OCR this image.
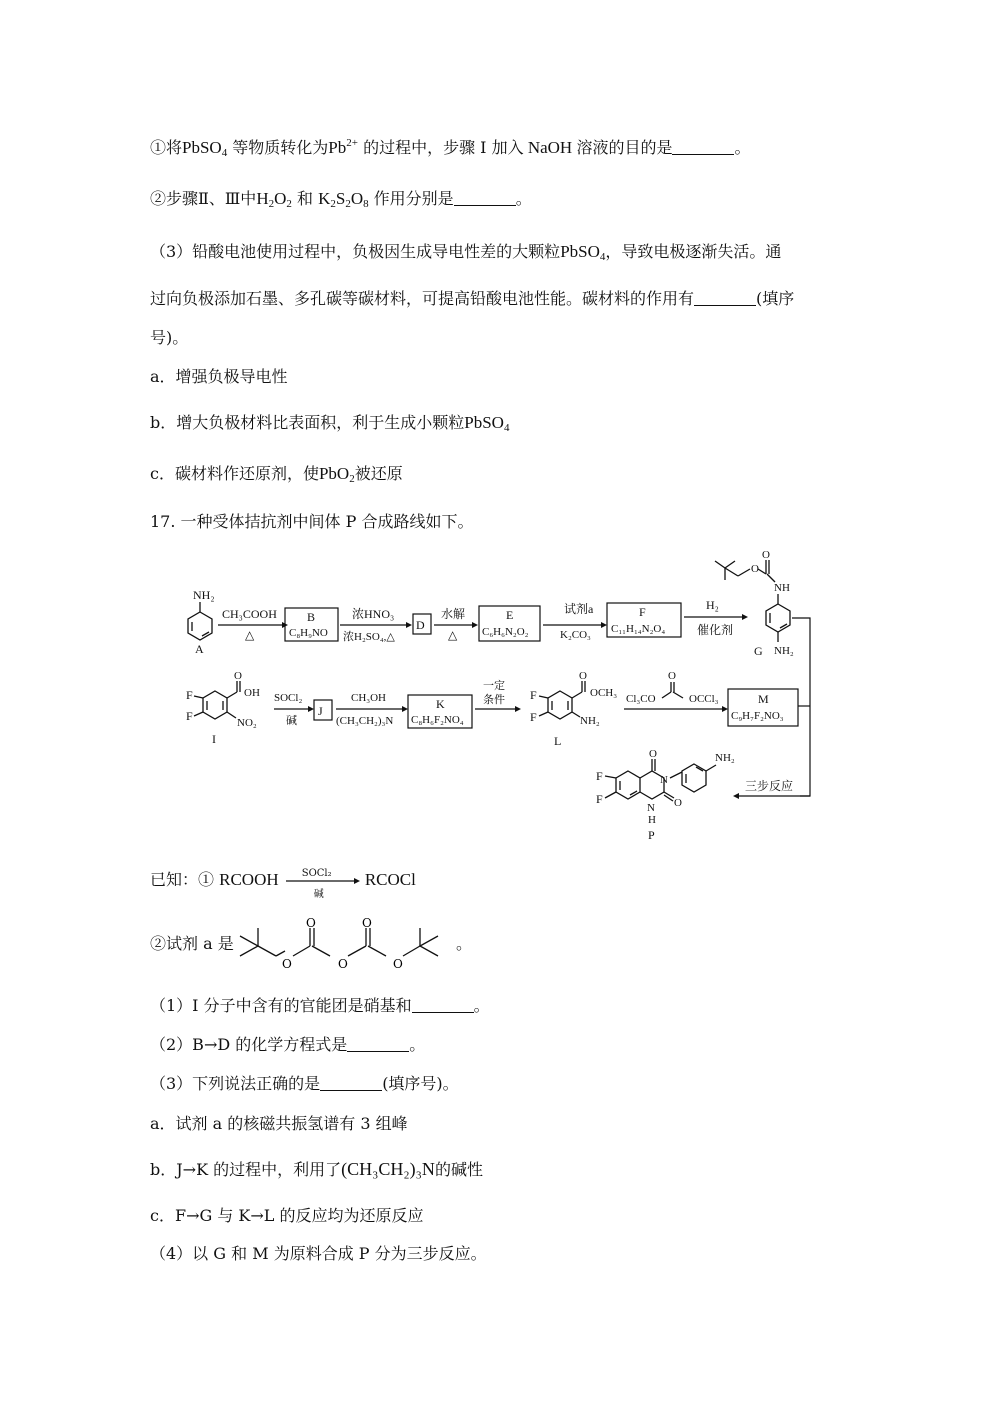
①将PbSO$_4$ 等物质转化为$Pb^{2+}$ 的过程中，步骤 I 加入 NaOH 溶液的目的是	。
②步骤Ⅱ、Ⅲ中$H_2O_2$ 和 $K_2S_2O_8$ 作用分别是	。
（3）铅酸电池使用过程中，负极因生成导电性差的大颗粒PbSO$_4$，导致电极逐渐失活。通
过向负极添加石墨、多孔碳等碳材料，可提高铅酸电池性能。碳材料的作用有	(填序
号)。
a．增强负极导电性
b．增大负极材料比表面积，利于生成小颗粒PbSO$_4$
c．碳材料作还原剂，使PbO$_2$被还原
17. 一种受体拮抗剂中间体 P 合成路线如下。
NH₂
A
CH₃COOH
△
B
C₈H₉NO
浓HNO₃
浓H₂SO₄,△
D
水解
△
E
C₆H₆N₂O₂
试剂a
K₂CO₃
F
C₁₁H₁₄N₂O₄
H₂
催化剂
O
O
NH
NH₂
G
F
F
O
OH
NO₂
I
SOCl₂
碱
J
CH₃OH
(CH₃CH₂)₃N
K
C₈H₆F₂NO₄
一定
条件 F
F
O
OCH₃
NH₂
L
Cl₃CO
O
OCCl₃	M
C₉H₇F₂NO₃
三步反应
F
F
O
N
O
N
H
NH₂
P
已知：① RCOOH SOCl₂
碱
RCOCl
②试剂 a 是
O
O
O
O
O
。
（1）I 分子中含有的官能团是硝基和	。
（2）B→D 的化学方程式是	。
（3）下列说法正确的是	(填序号)。
a．试剂 a 的核磁共振氢谱有 3 组峰
b．J→K 的过程中，利用了(CH₃CH₂)₃N的碱性
c．F→G 与 K→L 的反应均为还原反应
（4）以 G 和 M 为原料合成 P 分为三步反应。
